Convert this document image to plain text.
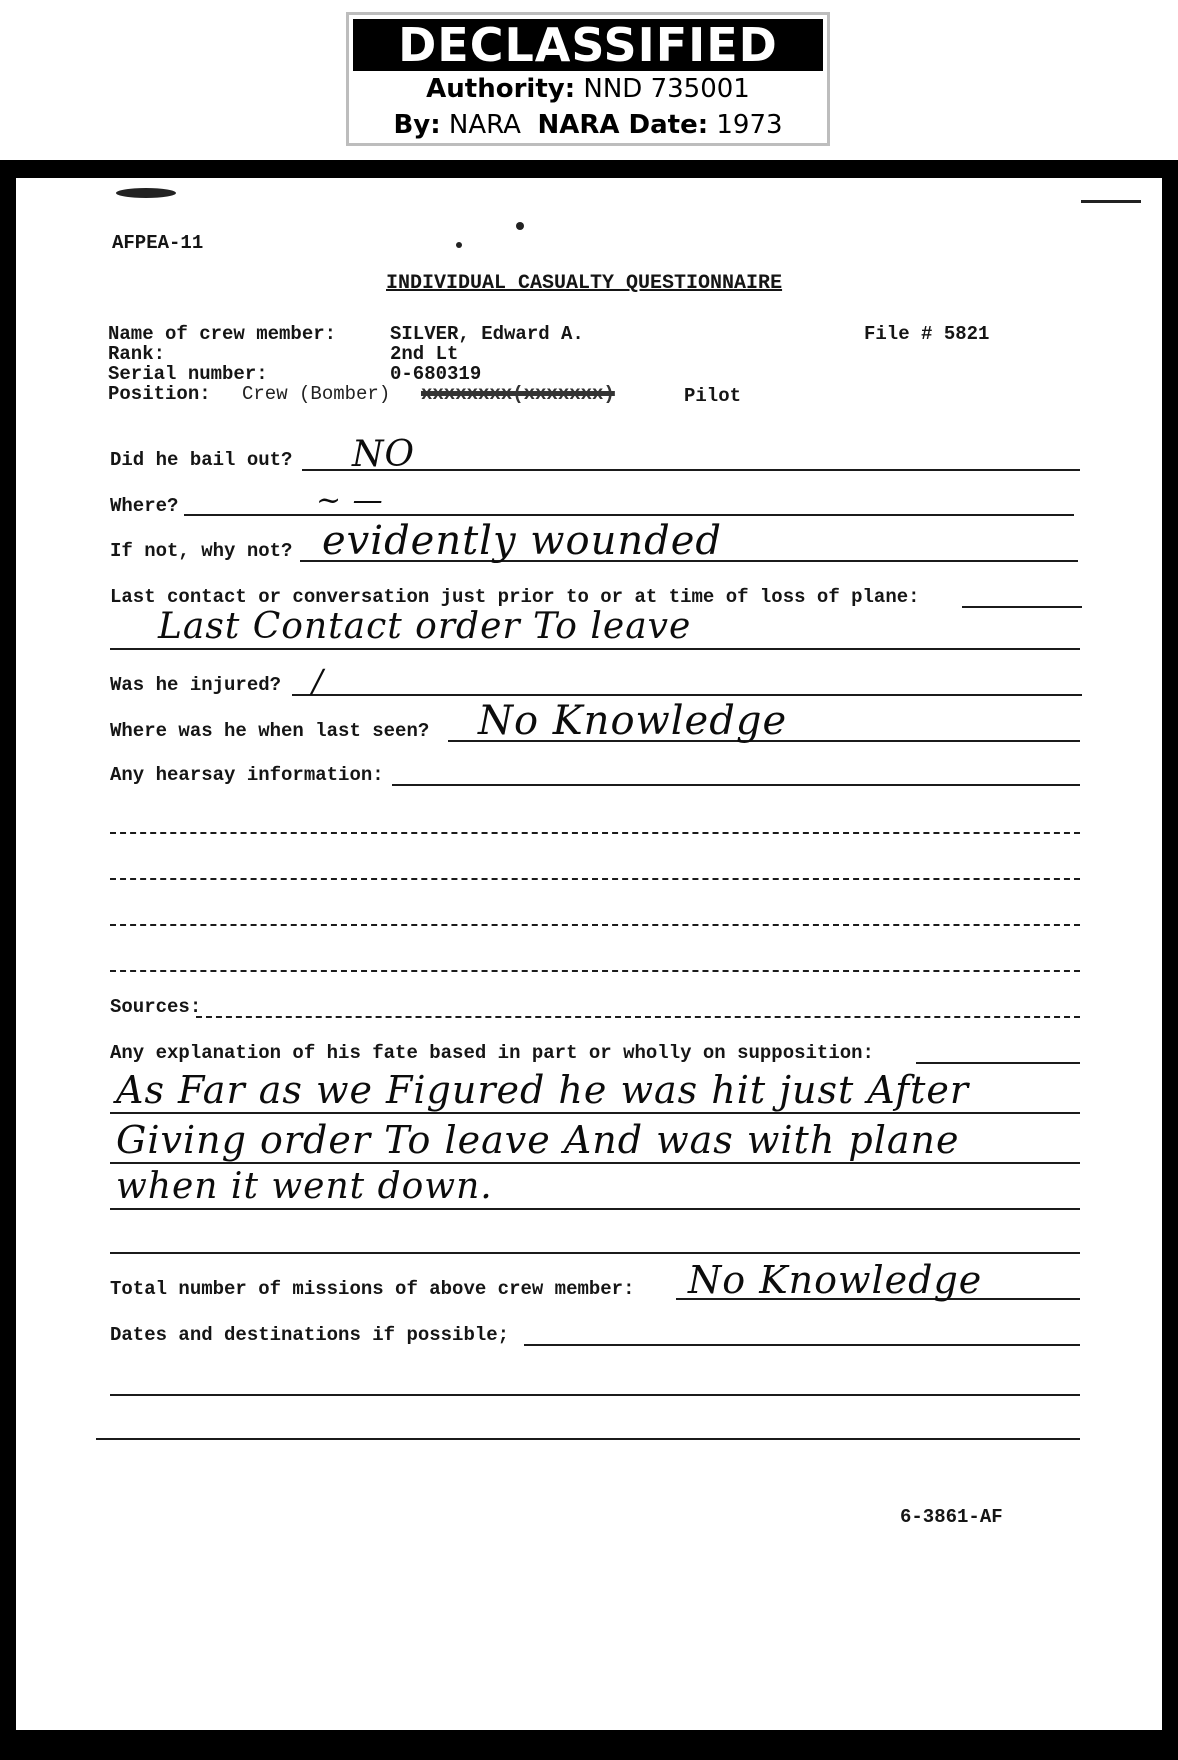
DECLASSIFIED
Authority: NND 735001
By: NARA NARA Date: 1973
AFPEA-11
INDIVIDUAL CASUALTY QUESTIONNAIRE
Name of crew member:	SILVER, Edward A.	File # 5821
Rank:	2nd Lt
Serial number:	0-680319
Position: Crew (Bomber) xxxxxxxx(xxxxxxx)	Pilot
Did he bail out? NO
Where?	~ —
If not, why not? evidently wounded
Last contact or conversation just prior to or at time of loss of plane:
Last Contact order To leave
Was he injured? /
Where was he when last seen? No Knowledge
Any hearsay information:
Sources:
Any explanation of his fate based in part or wholly on supposition:
As Far as we Figured he was hit just After
Giving order To leave And was with plane
when it went down.
Total number of missions of above crew member: No Knowledge
Dates and destinations if possible;
6-3861-AF
